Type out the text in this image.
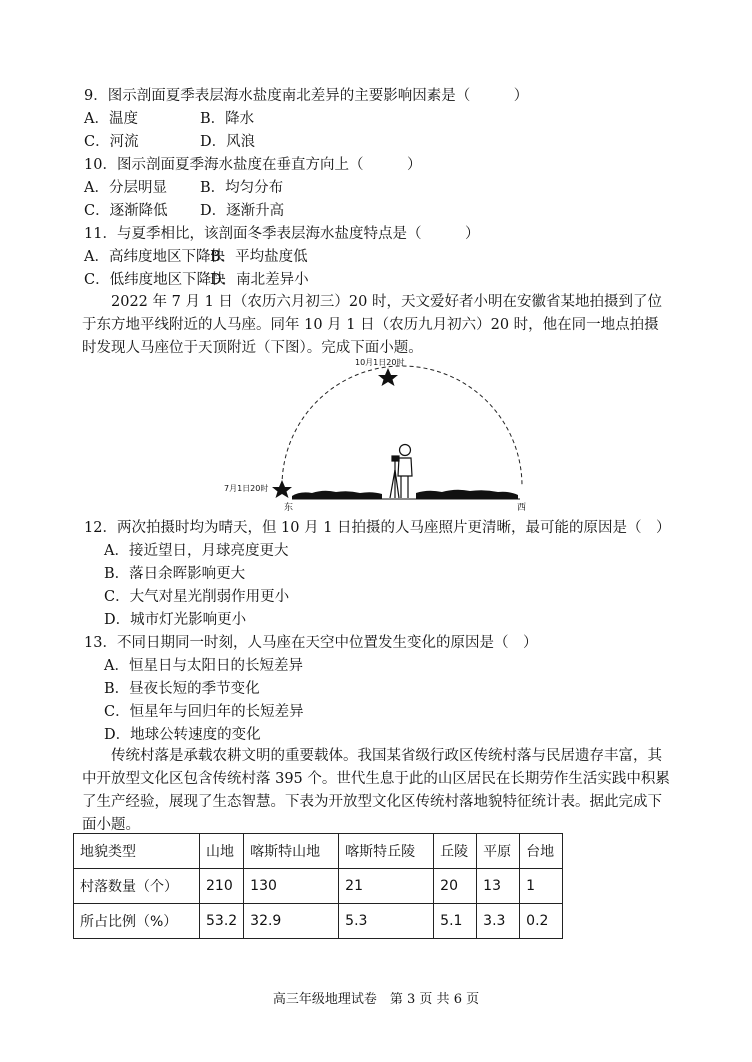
9．图示剖面夏季表层海水盐度南北差异的主要影响因素是（　　　）
A．温度	B．降水
C．河流	D．风浪
10．图示剖面夏季海水盐度在垂直方向上（　　　）
A．分层明显 B．均匀分布
C．逐渐降低 D．逐渐升高
11．与夏季相比，该剖面冬季表层海水盐度特点是（　　　）
A．高纬度地区下降快B．平均盐度低
C．低纬度地区下降快D．南北差异小
2022 年 7 月 1 日（农历六月初三）20 时，天文爱好者小明在安徽省某地拍摄到了位于东方地平线附近的人马座。同年 10 月 1 日（农历九月初六）20 时，他在同一地点拍摄时发现人马座位于天顶附近（下图）。完成下面小题。
10月1日20时
7月1日20时
东	西
12．两次拍摄时均为晴天，但 10 月 1 日拍摄的人马座照片更清晰，最可能的原因是（　）
A．接近望日，月球亮度更大
B．落日余晖影响更大
C．大气对星光削弱作用更小
D．城市灯光影响更小
13．不同日期同一时刻，人马座在天空中位置发生变化的原因是（　）
A．恒星日与太阳日的长短差异
B．昼夜长短的季节变化
C．恒星年与回归年的长短差异
D．地球公转速度的变化
传统村落是承载农耕文明的重要载体。我国某省级行政区传统村落与民居遗存丰富，其中开放型文化区包含传统村落 395 个。世代生息于此的山区居民在长期劳作生活实践中积累了生产经验，展现了生态智慧。下表为开放型文化区传统村落地貌特征统计表。据此完成下面小题。
地貌类型	山地	喀斯特山地	喀斯特丘陵	丘陵	平原	台地
村落数量（个）	210	130	21	20	13	1
所占比例（%）	53.2	32.9	5.3	5.1	3.3	0.2
高三年级地理试卷　第 3 页 共 6 页
